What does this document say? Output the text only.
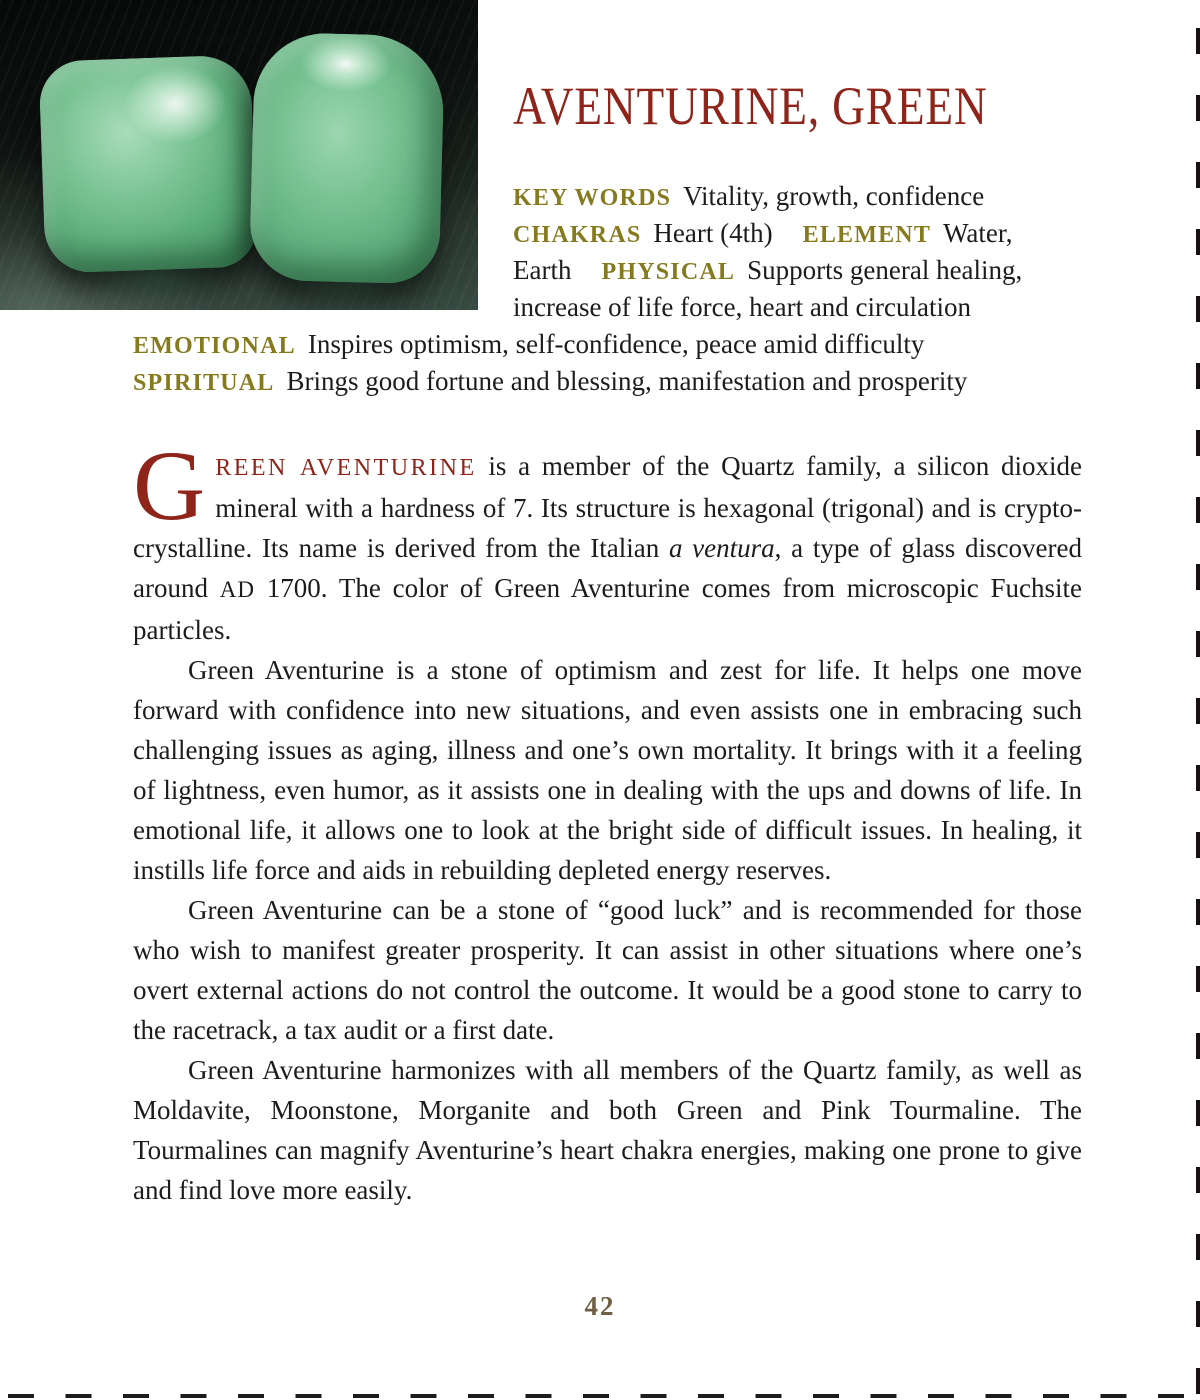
AVENTURINE, GREEN
KEY WORDS Vitality, growth, confidence
CHAKRAS Heart (4th) ELEMENT Water,
Earth PHYSICAL Supports general healing,
increase of life force, heart and circulation
EMOTIONAL Inspires optimism, self-confidence, peace amid difficulty
SPIRITUAL Brings good fortune and blessing, manifestation and prosperity

GREEN AVENTURINE is a member of the Quartz family, a silicon dioxide mineral with a hardness of 7. Its structure is hexagonal (trigonal) and is crypto-crystalline. Its name is derived from the Italian a ventura, a type of glass discovered around AD 1700. The color of Green Aventurine comes from microscopic Fuchsite particles.

Green Aventurine is a stone of optimism and zest for life. It helps one move forward with confidence into new situations, and even assists one in embracing such challenging issues as aging, illness and one’s own mortality. It brings with it a feeling of lightness, even humor, as it assists one in dealing with the ups and downs of life. In emotional life, it allows one to look at the bright side of difficult issues. In healing, it instills life force and aids in rebuilding depleted energy reserves.

Green Aventurine can be a stone of “good luck” and is recommended for those who wish to manifest greater prosperity. It can assist in other situations where one’s overt external actions do not control the outcome. It would be a good stone to carry to the racetrack, a tax audit or a first date.

Green Aventurine harmonizes with all members of the Quartz family, as well as Moldavite, Moonstone, Morganite and both Green and Pink Tourmaline. The Tourmalines can magnify Aventurine’s heart chakra energies, making one prone to give and find love more easily.

42
